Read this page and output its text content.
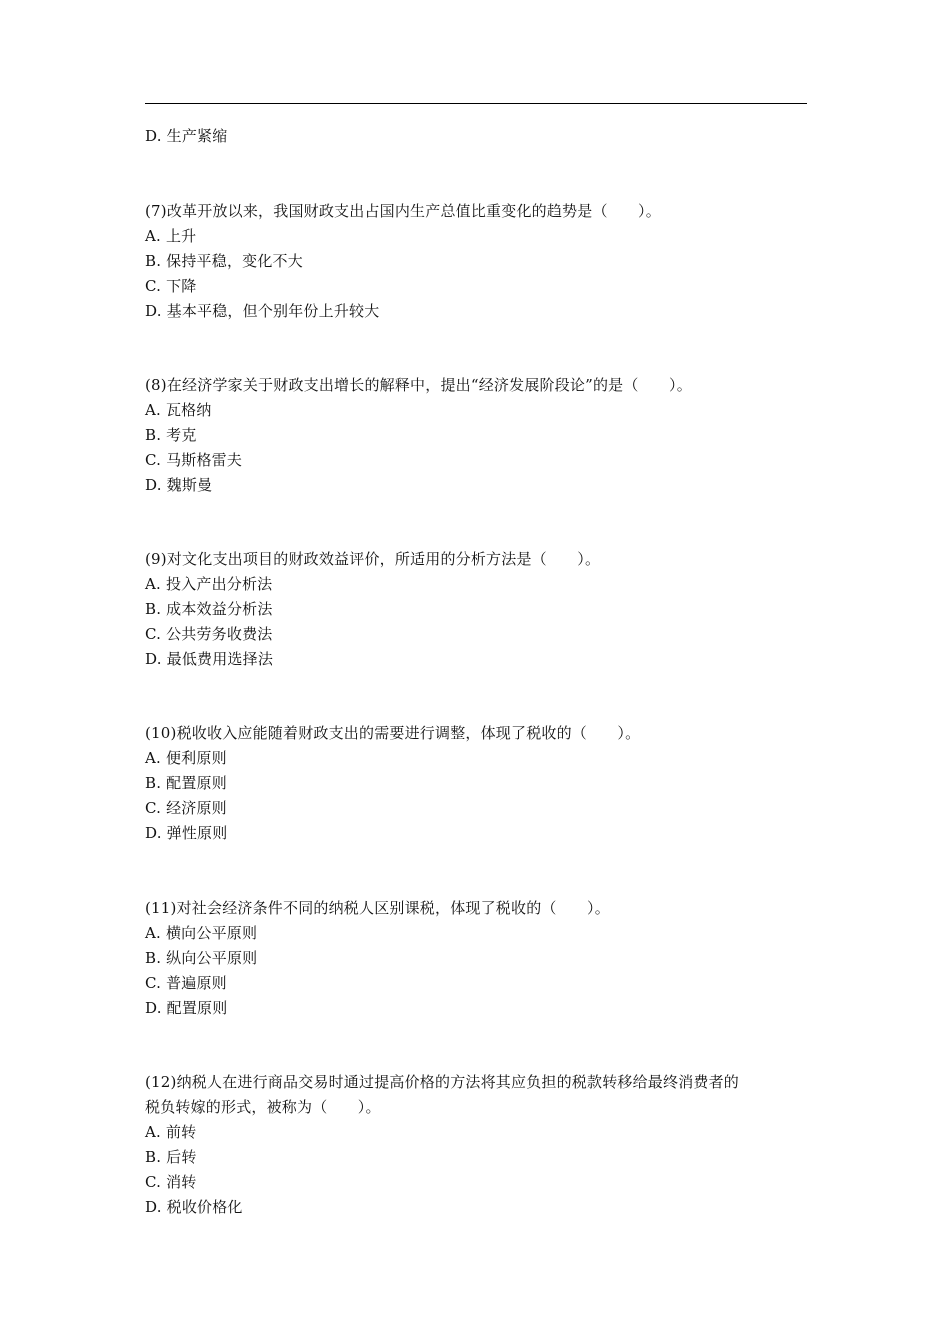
D. 生产紧缩
(7)改革开放以来，我国财政支出占国内生产总值比重变化的趋势是（　　）。
A. 上升
B. 保持平稳，变化不大
C. 下降
D. 基本平稳，但个别年份上升较大
(8)在经济学家关于财政支出增长的解释中，提出“经济发展阶段论”的是（　　）。
A. 瓦格纳
B. 考克
C. 马斯格雷夫
D. 魏斯曼
(9)对文化支出项目的财政效益评价，所适用的分析方法是（　　）。
A. 投入产出分析法
B. 成本效益分析法
C. 公共劳务收费法
D. 最低费用选择法
(10)税收收入应能随着财政支出的需要进行调整，体现了税收的（　　）。
A. 便利原则
B. 配置原则
C. 经济原则
D. 弹性原则
(11)对社会经济条件不同的纳税人区别课税，体现了税收的（　　）。
A. 横向公平原则
B. 纵向公平原则
C. 普遍原则
D. 配置原则
(12)纳税人在进行商品交易时通过提高价格的方法将其应负担的税款转移给最终消费者的
税负转嫁的形式，被称为（　　）。
A. 前转
B. 后转
C. 消转
D. 税收价格化
